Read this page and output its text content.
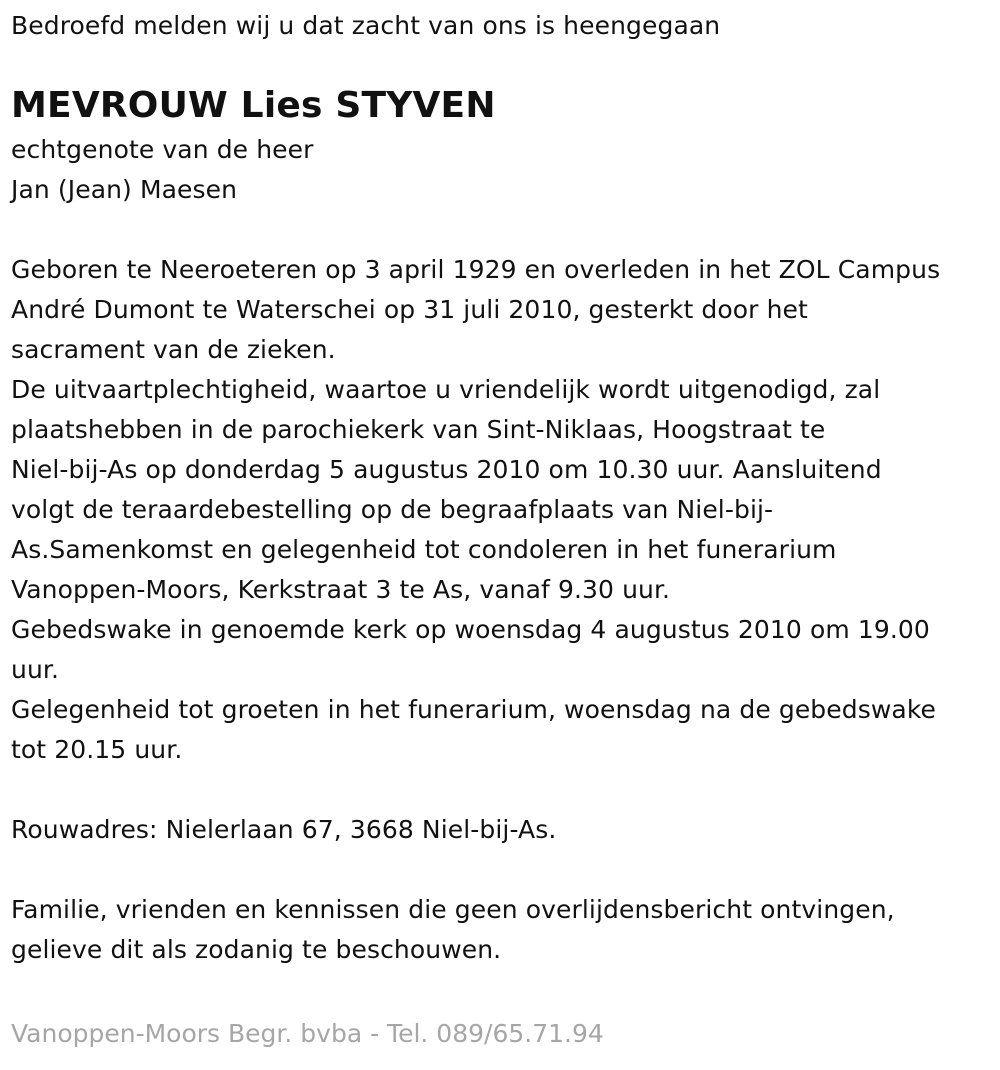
Bedroefd melden wij u dat zacht van ons is heengegaan
MEVROUW Lies STYVEN
echtgenote van de heer
Jan (Jean) Maesen
Geboren te Neeroeteren op 3 april 1929 en overleden in het ZOL Campus
André Dumont te Waterschei op 31 juli 2010, gesterkt door het
sacrament van de zieken.
De uitvaartplechtigheid, waartoe u vriendelijk wordt uitgenodigd, zal
plaatshebben in de parochiekerk van Sint-Niklaas, Hoogstraat te
Niel-bij-As op donderdag 5 augustus 2010 om 10.30 uur. Aansluitend
volgt de teraardebestelling op de begraafplaats van Niel-bij-
As.Samenkomst en gelegenheid tot condoleren in het funerarium
Vanoppen-Moors, Kerkstraat 3 te As, vanaf 9.30 uur.
Gebedswake in genoemde kerk op woensdag 4 augustus 2010 om 19.00
uur.
Gelegenheid tot groeten in het funerarium, woensdag na de gebedswake
tot 20.15 uur.
Rouwadres: Nielerlaan 67, 3668 Niel-bij-As.
Familie, vrienden en kennissen die geen overlijdensbericht ontvingen,
gelieve dit als zodanig te beschouwen.
Vanoppen-Moors Begr. bvba - Tel. 089/65.71.94
